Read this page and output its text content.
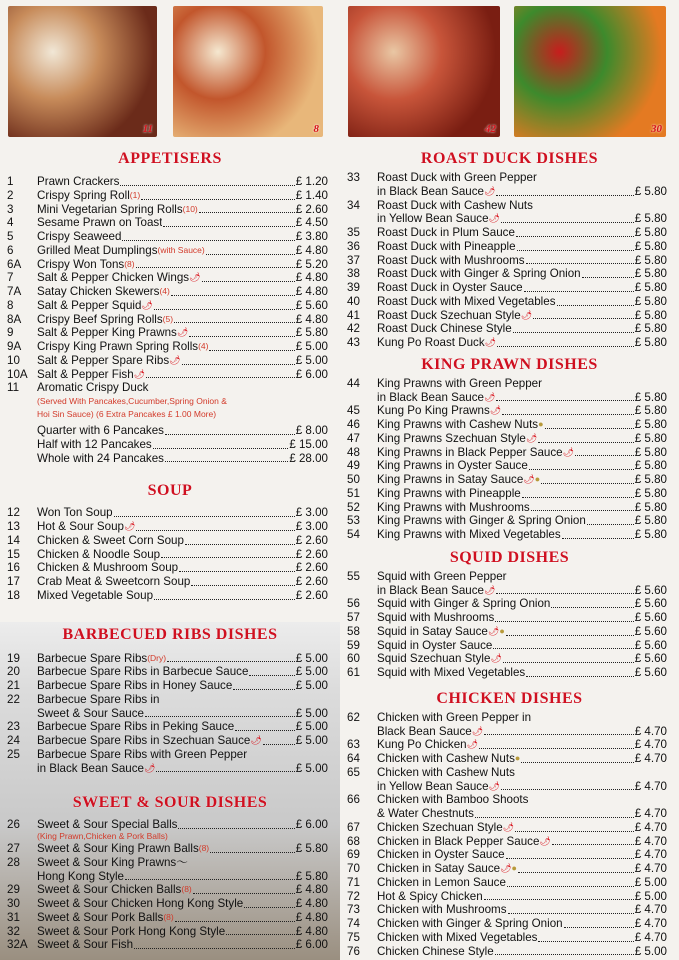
11	8
APPETISERS
1	Prawn Crackers	£ 1.20
2	Crispy Spring Roll (1)	£ 1.40
3	Mini Vegetarian Spring Rolls (10)	£ 2.60
4	Sesame Prawn on Toast	£ 4.50
5	Crispy Seaweed	£ 3.80
6	Grilled Meat Dumplings (with Sauce)	£ 4.80
6A	Crispy Won Tons (8)	£ 5.20
7	Salt & Pepper Chicken Wings 🌶	£ 4.80
7A	Satay Chicken Skewers (4)	£ 4.80
8	Salt & Pepper Squid 🌶	£ 5.60
8A	Crispy Beef Spring Rolls (5)	£ 4.80
9	Salt & Pepper King Prawns 🌶	£ 5.80
9A	Crispy King Prawn Spring Rolls (4)	£ 5.00
10	Salt & Pepper Spare Ribs 🌶	£ 5.00
10A Salt & Pepper Fish 🌶	£ 6.00
11	Aromatic Crispy Duck
(Served With Pancakes,Cucumber,Spring Onion &
Hoi Sin Sauce) (6 Extra Pancakes £ 1.00 More)
Quarter with 6 Pancakes	£ 8.00
Half with 12 Pancakes	£ 15.00
Whole with 24 Pancakes	£ 28.00
SOUP
12	Won Ton Soup	£ 3.00
13	Hot & Sour Soup 🌶	£ 3.00
14	Chicken & Sweet Corn Soup	£ 2.60
15	Chicken & Noodle Soup	£ 2.60
16	Chicken & Mushroom Soup	£ 2.60
17	Crab Meat & Sweetcorn Soup	£ 2.60
18	Mixed Vegetable Soup	£ 2.60
BARBECUED RIBS DISHES
19	Barbecue Spare Ribs (Dry)	£ 5.00
20	Barbecue Spare Ribs in Barbecue Sauce	£ 5.00
21	Barbecue Spare Ribs in Honey Sauce	£ 5.00
22	Barbecue Spare Ribs in
Sweet & Sour Sauce	£ 5.00
23	Barbecue Spare Ribs in Peking Sauce	£ 5.00
24	Barbecue Spare Ribs in Szechuan Sauce 🌶	£ 5.00
25	Barbecue Spare Ribs with Green Pepper
in Black Bean Sauce 🌶	£ 5.00
SWEET & SOUR DISHES
26	Sweet & Sour Special Balls	£ 6.00
(King Prawn,Chicken & Pork Balls)
27	Sweet & Sour King Prawn Balls (8)	£ 5.80
28	Sweet & Sour King Prawns～
Hong Kong Style	£ 5.80
29	Sweet & Sour Chicken Balls (8)	£ 4.80
30	Sweet & Sour Chicken Hong Kong Style	£ 4.80
31	Sweet & Sour Pork Balls (8)	£ 4.80
32	Sweet & Sour Pork Hong Kong Style	£ 4.80
32A Sweet & Sour Fish	£ 6.00
42	30
ROAST DUCK DISHES
33	Roast Duck with Green Pepper
in Black Bean Sauce 🌶	£ 5.80
34	Roast Duck with Cashew Nuts
in Yellow Bean Sauce 🌶	£ 5.80
35	Roast Duck in Plum Sauce	£ 5.80
36	Roast Duck with Pineapple	£ 5.80
37	Roast Duck with Mushrooms	£ 5.80
38	Roast Duck with Ginger & Spring Onion	£ 5.80
39	Roast Duck in Oyster Sauce	£ 5.80
40	Roast Duck with Mixed Vegetables	£ 5.80
41	Roast Duck Szechuan Style 🌶	£ 5.80
42	Roast Duck Chinese Style	£ 5.80
43	Kung Po Roast Duck 🌶	£ 5.80
KING PRAWN DISHES
44	King Prawns with Green Pepper
in Black Bean Sauce 🌶	£ 5.80
45	Kung Po King Prawns 🌶	£ 5.80
46	King Prawns with Cashew Nuts ●	£ 5.80
47	King Prawns Szechuan Style 🌶	£ 5.80
48	King Prawns in Black Pepper Sauce 🌶	£ 5.80
49	King Prawns in Oyster Sauce	£ 5.80
50	King Prawns in Satay Sauce 🌶 ●	£ 5.80
51	King Prawns with Pineapple	£ 5.80
52	King Prawns with Mushrooms	£ 5.80
53	King Prawns with Ginger & Spring Onion	£ 5.80
54	King Prawns with Mixed Vegetables	£ 5.80
SQUID DISHES
55	Squid with Green Pepper
in Black Bean Sauce 🌶	£ 5.60
56	Squid with Ginger & Spring Onion	£ 5.60
57	Squid with Mushrooms	£ 5.60
58	Squid in Satay Sauce 🌶 ●	£ 5.60
59	Squid in Oyster Sauce	£ 5.60
60	Squid Szechuan Style 🌶	£ 5.60
61	Squid with Mixed Vegetables	£ 5.60
CHICKEN DISHES
62	Chicken with Green Pepper in
Black Bean Sauce 🌶	£ 4.70
63	Kung Po Chicken 🌶	£ 4.70
64	Chicken with Cashew Nuts ●	£ 4.70
65	Chicken with Cashew Nuts
in Yellow Bean Sauce 🌶	£ 4.70
66	Chicken with Bamboo Shoots
& Water Chestnuts	£ 4.70
67	Chicken Szechuan Style 🌶	£ 4.70
68	Chicken in Black Pepper Sauce 🌶	£ 4.70
69	Chicken in Oyster Sauce	£ 4.70
70	Chicken in Satay Sauce 🌶 ●	£ 4.70
71	Chicken in Lemon Sauce	£ 5.00
72	Hot & Spicy Chicken	£ 5.00
73	Chicken with Mushrooms	£ 4.70
74	Chicken with Ginger & Spring Onion	£ 4.70
75	Chicken with Mixed Vegetables	£ 4.70
76	Chicken Chinese Style	£ 5.00
